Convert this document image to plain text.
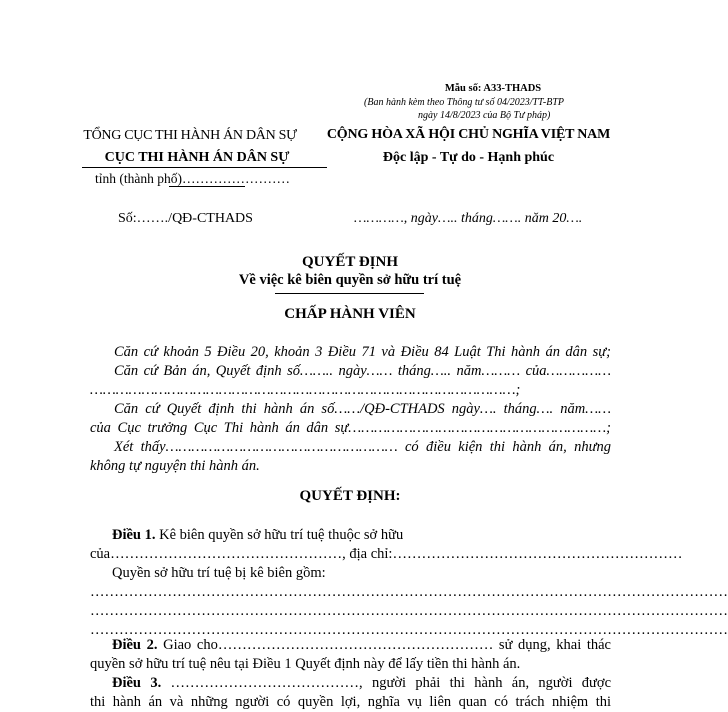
Mẫu số: A33-THADS
(Ban hành kèm theo Thông tư số 04/2023/TT-BTP
ngày 14/8/2023 của Bộ Tư pháp)
TỔNG CỤC THI HÀNH ÁN DÂN SỰ
CỤC THI HÀNH ÁN DÂN SỰ
tỉnh (thành phố)……………………
CỘNG HÒA XÃ HỘI CHỦ NGHĨA VIỆT NAM
Độc lập - Tự do - Hạnh phúc
Số:……./QĐ-CTHADS	…………, ngày….. tháng……. năm 20….
QUYẾT ĐỊNH
Về việc kê biên quyền sở hữu trí tuệ
CHẤP HÀNH VIÊN
Căn cứ khoản 5 Điều 20, khoản 3 Điều 71 và Điều 84 Luật Thi hành án dân sự;
Căn cứ Bản án, Quyết định số…….. ngày…… tháng….. năm……… của……………
………………………………………………………………………………………;
Căn cứ Quyết định thi hành án số……/QĐ-CTHADS ngày…. tháng…. năm……
của Cục trưởng Cục Thi hành án dân sự……………………………………………………;
Xét thấy……………………………………………… có điều kiện thi hành án, nhưng
không tự nguyện thi hành án.
QUYẾT ĐỊNH:
Điều 1. Kê biên quyền sở hữu trí tuệ thuộc sở hữu
của…………………………………………, địa chỉ:……………………………………………………
Quyền sở hữu trí tuệ bị kê biên gồm:
……………………………………………………………………………………………………………………
……………………………………………………………………………………………………………………
……………………………………………………………………………………………………………………
Điều 2. Giao cho………………………………………………… sử dụng, khai thác
quyền sở hữu trí tuệ nêu tại Điều 1 Quyết định này để lấy tiền thi hành án.
Điều 3. …………………………………, người phải thi hành án, người được
thi hành án và những người có quyền lợi, nghĩa vụ liên quan có trách nhiệm thi
